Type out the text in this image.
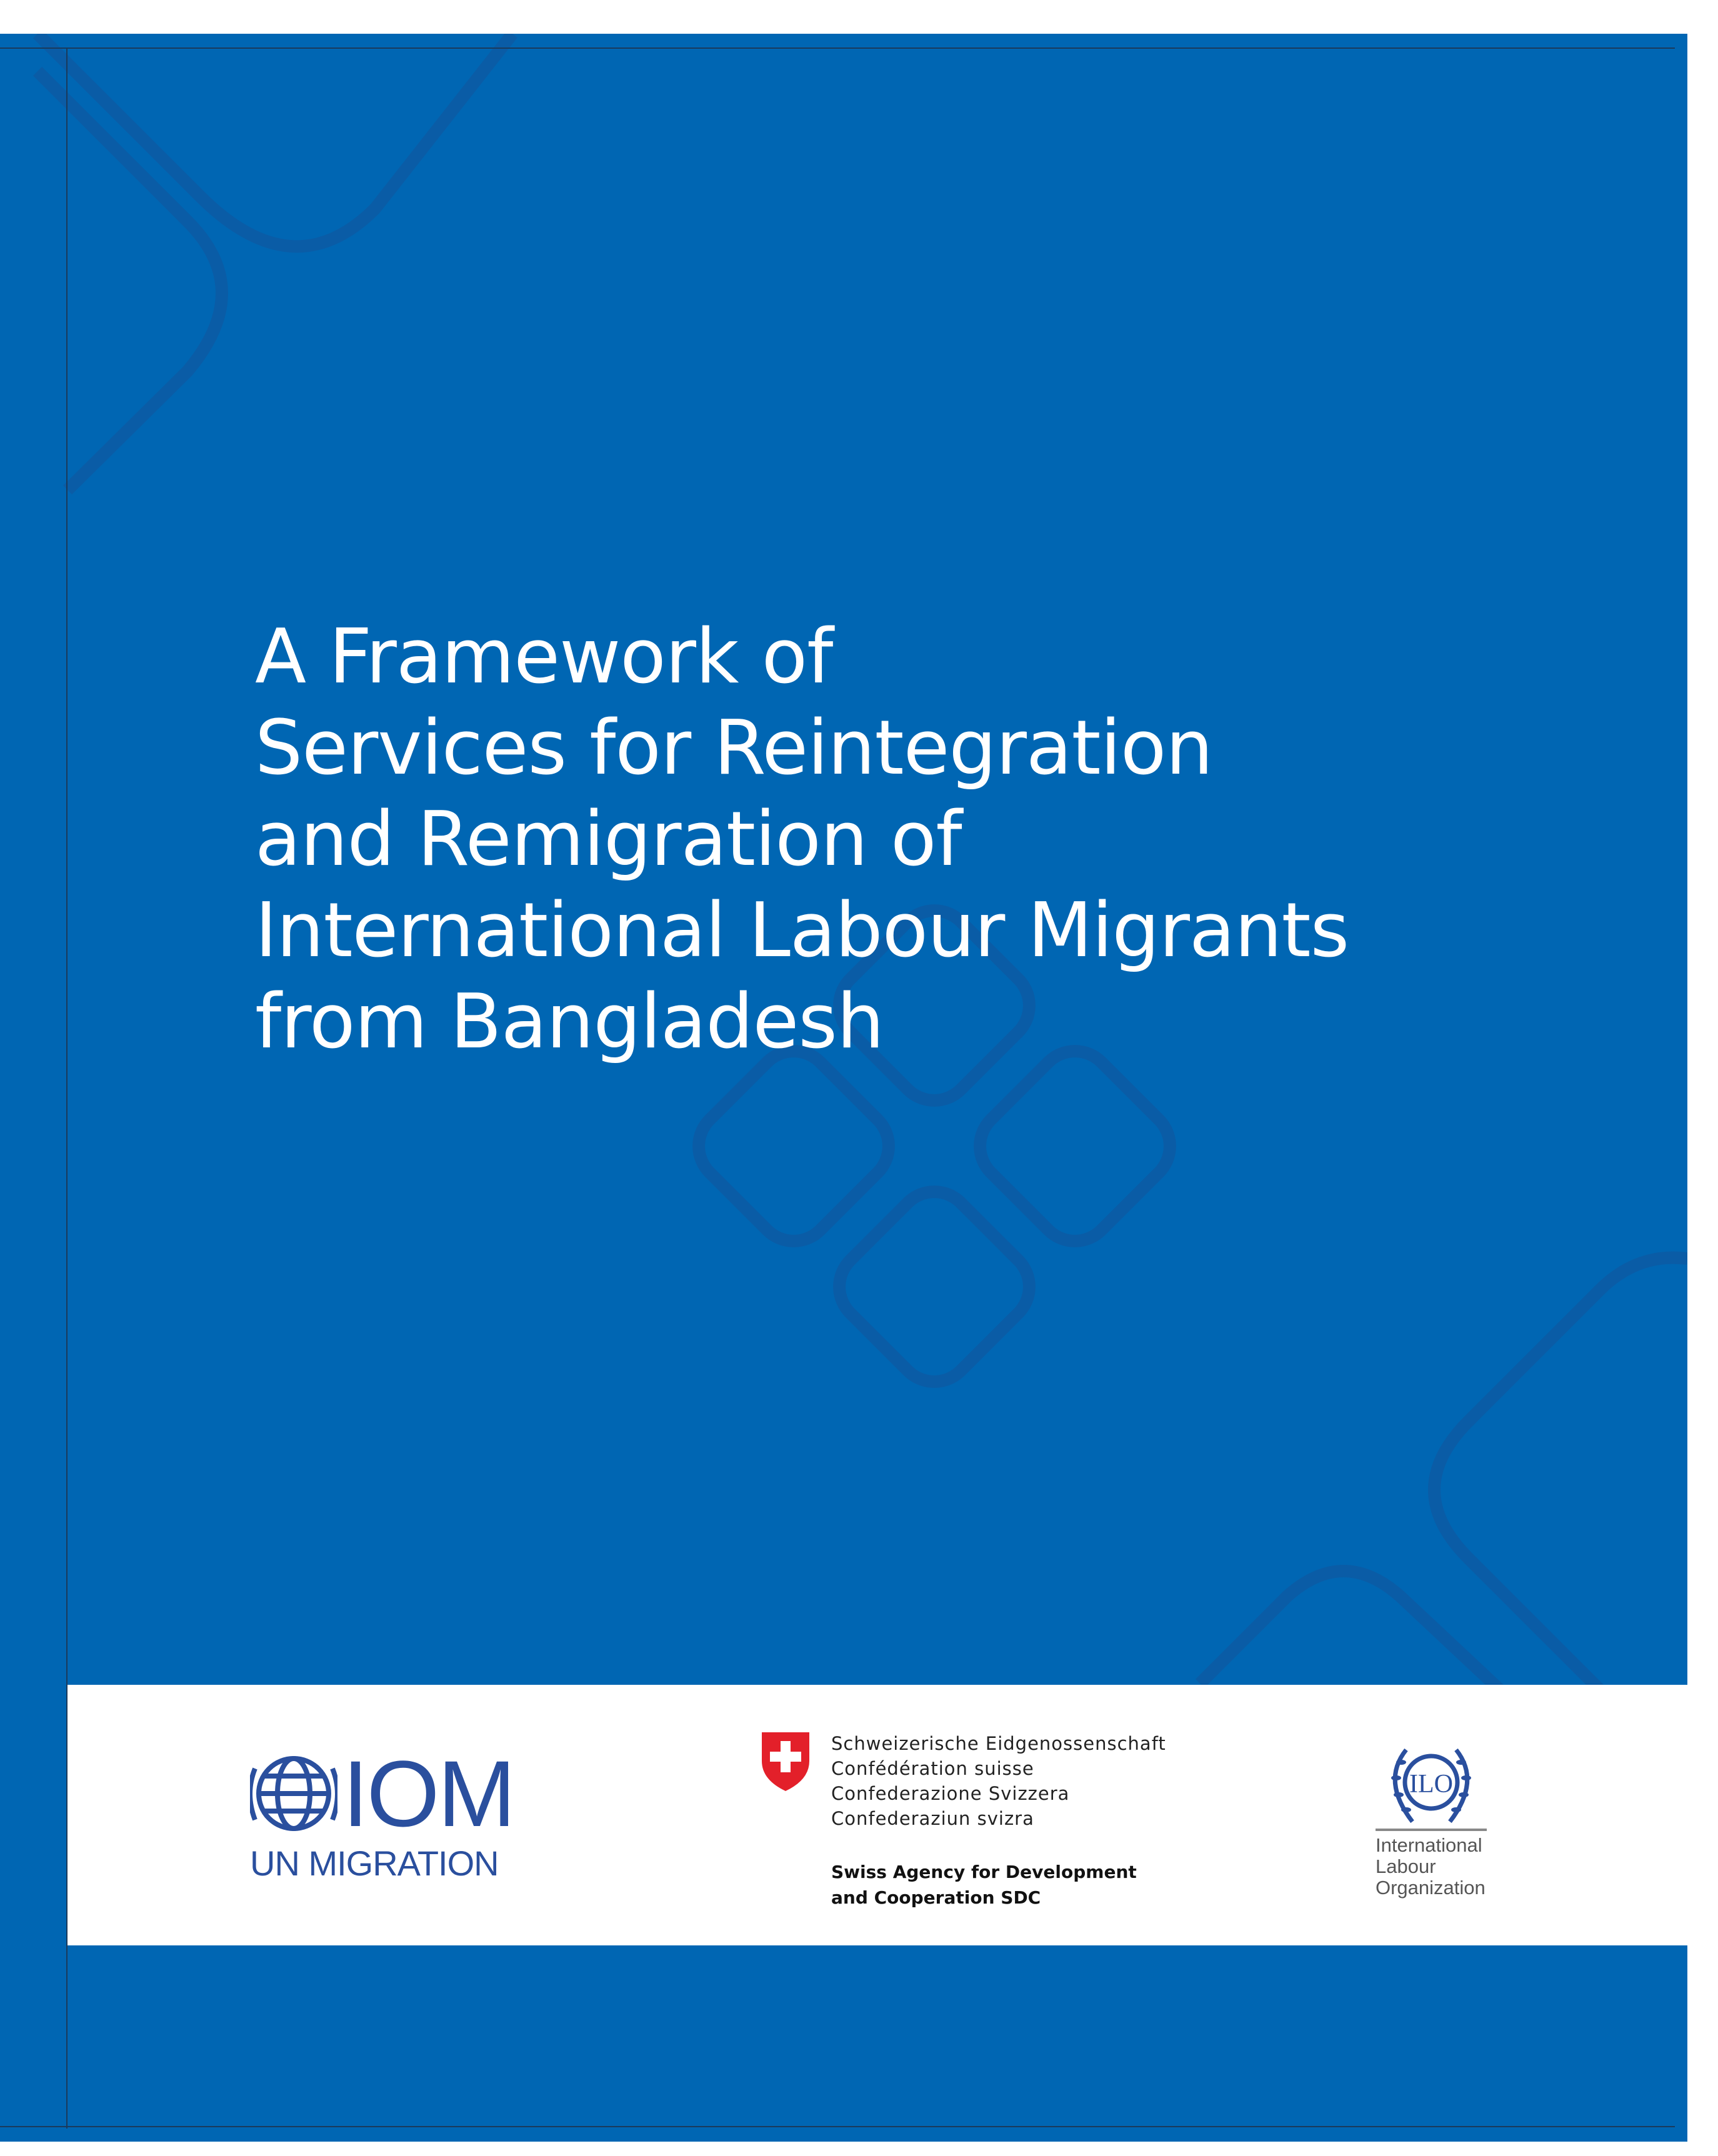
A Framework of
Services for Reintegration
and Remigration of
International Labour Migrants
from Bangladesh
IOM
UN MIGRATION
Schweizerische Eidgenossenschaft
Confédération suisse
Confederazione Svizzera
Confederaziun svizra
Swiss Agency for Development
and Cooperation SDC
ILO
International
Labour
Organization
